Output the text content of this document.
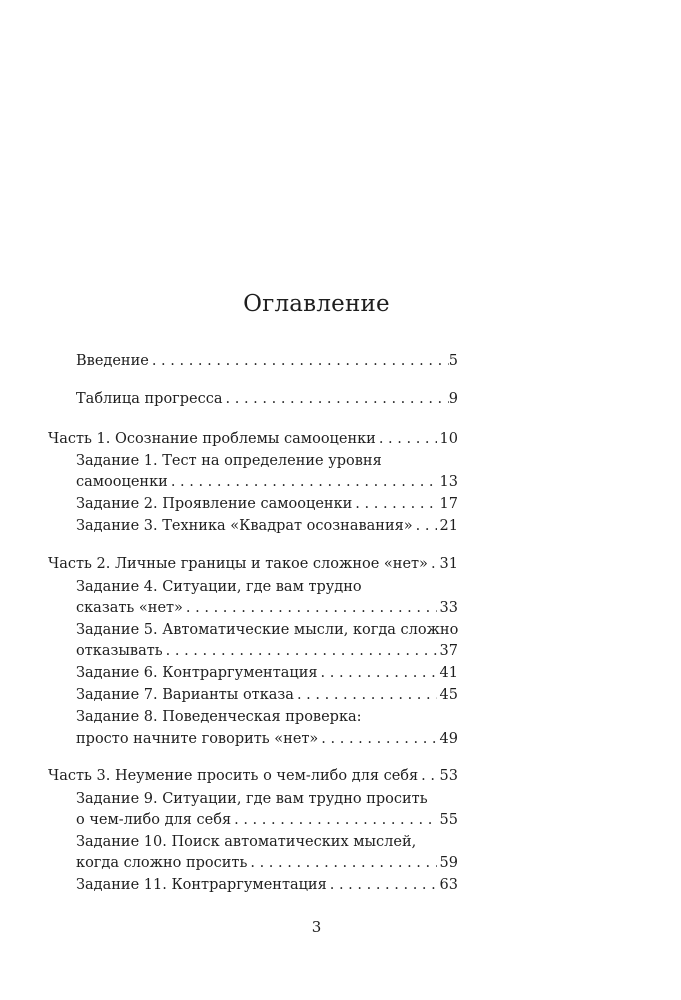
Оглавление
Введение . . .	5
Таблица прогресса . . .	9
Часть 1. Осознание проблемы самооценки . . .	10
Задание 1. Тест на определение уровня
самооценки . . .	13
Задание 2. Проявление самооценки . . .	17
Задание 3. Техника «Квадрат осознавания» . . . 21
Часть 2. Личные границы и такое сложное «нет» . . . 31
Задание 4. Ситуации, где вам трудно
сказать «нет» . . .	33
Задание 5. Автоматические мысли, когда сложно
отказывать . . .	37
Задание 6. Контраргументация . . .	41
Задание 7. Варианты отказа . . .	45
Задание 8. Поведенческая проверка:
просто начните говорить «нет» . . .	49
Часть 3. Неумение просить о чем-либо для себя . . . 53
Задание 9. Ситуации, где вам трудно просить
о чем-либо для себя . . .	55
Задание 10. Поиск автоматических мыслей,
когда сложно просить . . .	59
Задание 11. Контраргументация . . .	63
3
